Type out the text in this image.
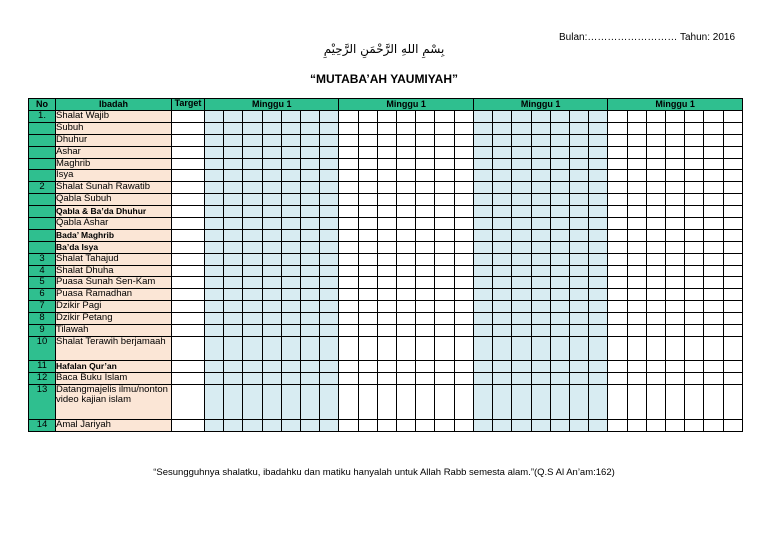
Bulan:……………………… Tahun: 2016
بِسْمِ اللهِ الرَّحْمَنِ الرَّحِيْمِ
“MUTABA’AH YAUMIYAH”
No	Ibadah	Target	Minggu 1							Minggu 1							Minggu 1							Minggu 1						
1.	Shalat Wajib																													
	Subuh																													
	Dhuhur																													
	Ashar																													
	Maghrib																													
	Isya																													
2	Shalat Sunah Rawatib																													
	Qabla Subuh																													
	Qabla & Ba’da Dhuhur																													
	Qabla Ashar																													
	Bada’ Maghrib																													
	Ba’da Isya																													
3	Shalat Tahajud																													
4	Shalat Dhuha																													
5	Puasa Sunah Sen-Kam																													
6	Puasa Ramadhan																													
7	Dzikir Pagi																													
8	Dzikir Petang																													
9	Tilawah																													
10	Shalat Terawih berjamaah																													
11	Hafalan Qur’an																													
12	Baca Buku Islam																													
13	Datangmajelis ilmu/nonton video kajian islam																													
14	Amal Jariyah																													
“Sesungguhnya shalatku, ibadahku dan matiku hanyalah untuk Allah Rabb semesta alam.”(Q.S Al An’am:162)
